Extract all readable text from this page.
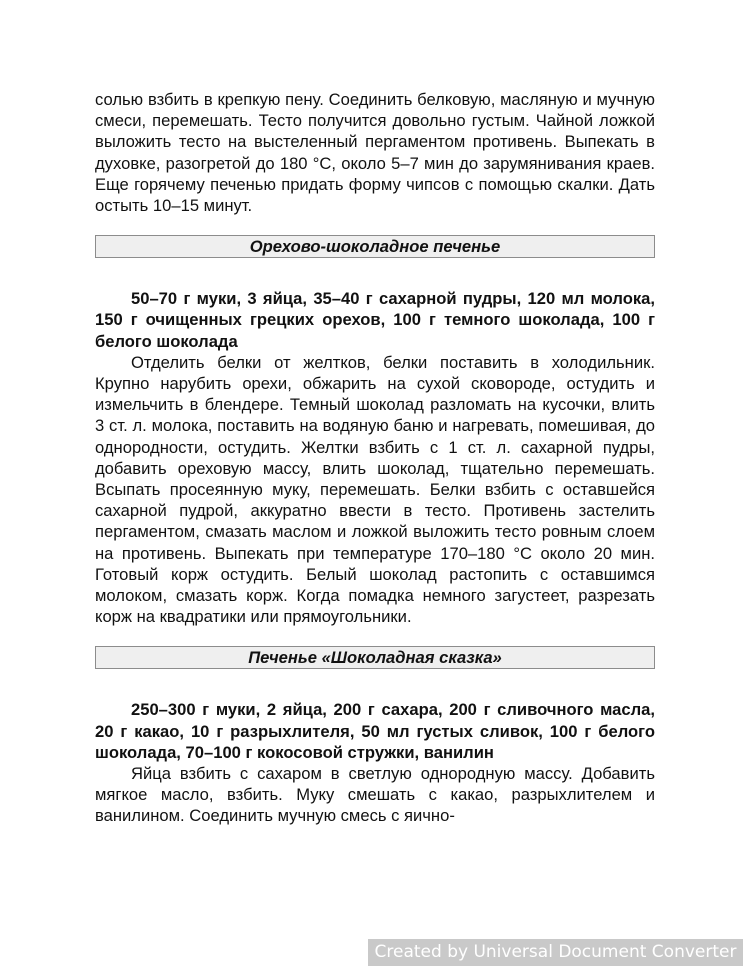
солью взбить в крепкую пену. Соединить белковую, масляную и мучную смеси, перемешать. Тесто получится довольно густым. Чайной ложкой выложить тесто на выстеленный пергаментом противень. Выпекать в духовке, разогретой до 180 °С, около 5–7 мин до зарумянивания краев. Еще горячему печенью придать форму чипсов с помощью скалки. Дать остыть 10–15 минут.

Орехово-шоколадное печенье

50–70 г муки, 3 яйца, 35–40 г сахарной пудры, 120 мл молока, 150 г очищенных грецких орехов, 100 г темного шоколада, 100 г белого шоколада

Отделить белки от желтков, белки поставить в холодильник. Крупно нарубить орехи, обжарить на сухой сковороде, остудить и измельчить в блендере. Темный шоколад разломать на кусочки, влить 3 ст. л. молока, поставить на водяную баню и нагревать, помешивая, до однородности, остудить. Желтки взбить с 1 ст. л. сахарной пудры, добавить ореховую массу, влить шоколад, тщательно перемешать. Всыпать просеянную муку, перемешать. Белки взбить с оставшейся сахарной пудрой, аккуратно ввести в тесто. Противень застелить пергаментом, смазать маслом и ложкой выложить тесто ровным слоем на противень. Выпекать при температуре 170–180 °С около 20 мин. Готовый корж остудить. Белый шоколад растопить с оставшимся молоком, смазать корж. Когда помадка немного загустеет, разрезать корж на квадратики или прямоугольники.

Печенье «Шоколадная сказка»

250–300 г муки, 2 яйца, 200 г сахара, 200 г сливочного масла, 20 г какао, 10 г разрыхлителя, 50 мл густых сливок, 100 г белого шоколада, 70–100 г кокосовой стружки, ванилин

Яйца взбить с сахаром в светлую однородную массу. Добавить мягкое масло, взбить. Муку смешать с какао, разрыхлителем и ванилином. Соединить мучную смесь с яично-

Created by Universal Document Converter
